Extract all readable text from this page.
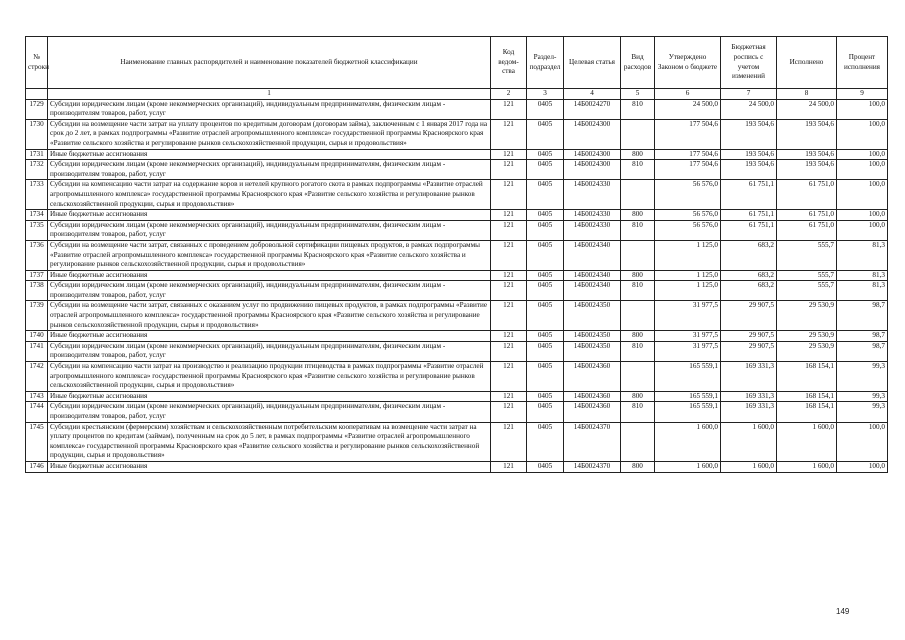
№ строки	Наименование главных распорядителей и наименование показателей бюджетной классификации	Код ведом-ства	Раздел-подраздел	Целевая статья	Вид расходов	Утверждено Законом о бюджете	Бюджетная роспись с учетом изменений	Исполнено	Процент исполнения
	1	2	3	4	5	6	7	8	9
1729	Субсидии юридическим лицам (кроме некоммерческих организаций), индивидуальным предпринимателям, физическим лицам - производителям товаров, работ, услуг	121	0405	14Б0024270	810	24 500,0	24 500,0	24 500,0	100,0
1730	Субсидии на возмещение части затрат на уплату процентов по кредитным договорам (договорам займа), заключенным с 1 января 2017 года на срок до 2 лет, в рамках подпрограммы «Развитие отраслей агропромышленного комплекса» государственной программы Красноярского края «Развитие сельского хозяйства и регулирование рынков сельскохозяйственной продукции, сырья и продовольствия»	121	0405	14Б0024300		177 504,6	193 504,6	193 504,6	100,0
1731	Иные бюджетные ассигнования	121	0405	14Б0024300	800	177 504,6	193 504,6	193 504,6	100,0
1732	Субсидии юридическим лицам (кроме некоммерческих организаций), индивидуальным предпринимателям, физическим лицам - производителям товаров, работ, услуг	121	0405	14Б0024300	810	177 504,6	193 504,6	193 504,6	100,0
1733	Субсидии на компенсацию части затрат на содержание коров и нетелей крупного рогатого скота в рамках подпрограммы «Развитие отраслей агропромышленного комплекса» государственной программы Красноярского края «Развитие сельского хозяйства и регулирование рынков сельскохозяйственной продукции, сырья и продовольствия»	121	0405	14Б0024330		56 576,0	61 751,1	61 751,0	100,0
1734	Иные бюджетные ассигнования	121	0405	14Б0024330	800	56 576,0	61 751,1	61 751,0	100,0
1735	Субсидии юридическим лицам (кроме некоммерческих организаций), индивидуальным предпринимателям, физическим лицам - производителям товаров, работ, услуг	121	0405	14Б0024330	810	56 576,0	61 751,1	61 751,0	100,0
1736	Субсидии на возмещение части затрат, связанных с проведением добровольной сертификации пищевых продуктов, в рамках подпрограммы «Развитие отраслей агропромышленного комплекса» государственной программы Красноярского края «Развитие сельского хозяйства и регулирование рынков сельскохозяйственной продукции, сырья и продовольствия»	121	0405	14Б0024340		1 125,0	683,2	555,7	81,3
1737	Иные бюджетные ассигнования	121	0405	14Б0024340	800	1 125,0	683,2	555,7	81,3
1738	Субсидии юридическим лицам (кроме некоммерческих организаций), индивидуальным предпринимателям, физическим лицам - производителям товаров, работ, услуг	121	0405	14Б0024340	810	1 125,0	683,2	555,7	81,3
1739	Субсидии на возмещение части затрат, связанных с оказанием услуг по продвижению пищевых продуктов, в рамках подпрограммы «Развитие отраслей агропромышленного комплекса» государственной программы Красноярского края «Развитие сельского хозяйства и регулирование рынков сельскохозяйственной продукции, сырья и продовольствия»	121	0405	14Б0024350		31 977,5	29 907,5	29 530,9	98,7
1740	Иные бюджетные ассигнования	121	0405	14Б0024350	800	31 977,5	29 907,5	29 530,9	98,7
1741	Субсидии юридическим лицам (кроме некоммерческих организаций), индивидуальным предпринимателям, физическим лицам - производителям товаров, работ, услуг	121	0405	14Б0024350	810	31 977,5	29 907,5	29 530,9	98,7
1742	Субсидии на компенсацию части затрат на производство и реализацию продукции птицеводства в рамках подпрограммы «Развитие отраслей агропромышленного комплекса» государственной программы Красноярского края «Развитие сельского хозяйства и регулирование рынков сельскохозяйственной продукции, сырья и продовольствия»	121	0405	14Б0024360		165 559,1	169 331,3	168 154,1	99,3
1743	Иные бюджетные ассигнования	121	0405	14Б0024360	800	165 559,1	169 331,3	168 154,1	99,3
1744	Субсидии юридическим лицам (кроме некоммерческих организаций), индивидуальным предпринимателям, физическим лицам - производителям товаров, работ, услуг	121	0405	14Б0024360	810	165 559,1	169 331,3	168 154,1	99,3
1745	Субсидии крестьянским (фермерским) хозяйствам и сельскохозяйственным потребительским кооперативам на возмещение части затрат на уплату процентов по кредитам (займам), полученным на срок до 5 лет, в рамках подпрограммы «Развитие отраслей агропромышленного комплекса» государственной программы Красноярского края «Развитие сельского хозяйства и регулирование рынков сельскохозяйственной продукции, сырья и продовольствия»	121	0405	14Б0024370		1 600,0	1 600,0	1 600,0	100,0
1746	Иные бюджетные ассигнования	121	0405	14Б0024370	800	1 600,0	1 600,0	1 600,0	100,0
149
